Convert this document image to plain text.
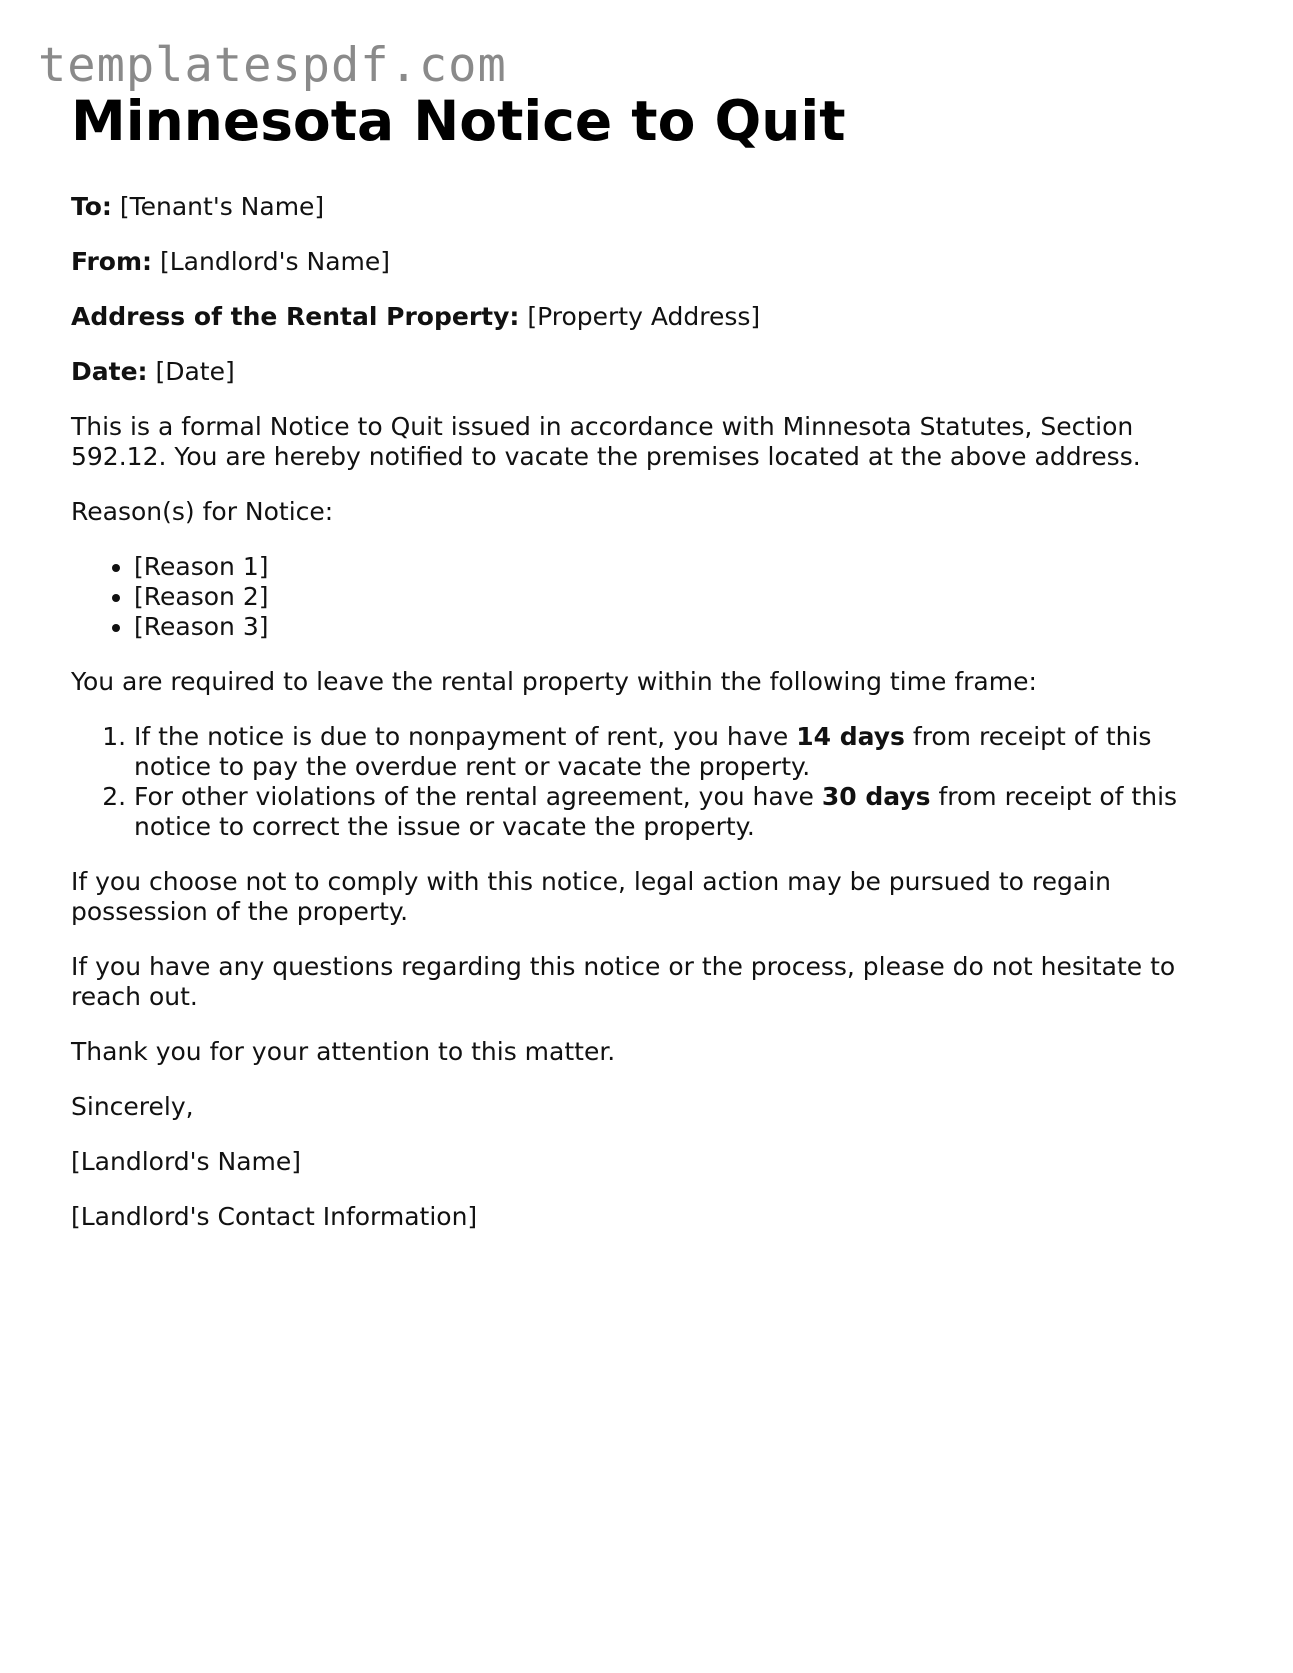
templatespdf.com
Minnesota Notice to Quit

To: [Tenant's Name]

From: [Landlord's Name]

Address of the Rental Property: [Property Address]

Date: [Date]

This is a formal Notice to Quit issued in accordance with Minnesota Statutes, Section 592.12. You are hereby notified to vacate the premises located at the above address.

Reason(s) for Notice:

• [Reason 1]
• [Reason 2]
• [Reason 3]

You are required to leave the rental property within the following time frame:

1. If the notice is due to nonpayment of rent, you have 14 days from receipt of this notice to pay the overdue rent or vacate the property.
2. For other violations of the rental agreement, you have 30 days from receipt of this notice to correct the issue or vacate the property.

If you choose not to comply with this notice, legal action may be pursued to regain possession of the property.

If you have any questions regarding this notice or the process, please do not hesitate to reach out.

Thank you for your attention to this matter.

Sincerely,

[Landlord's Name]

[Landlord's Contact Information]
